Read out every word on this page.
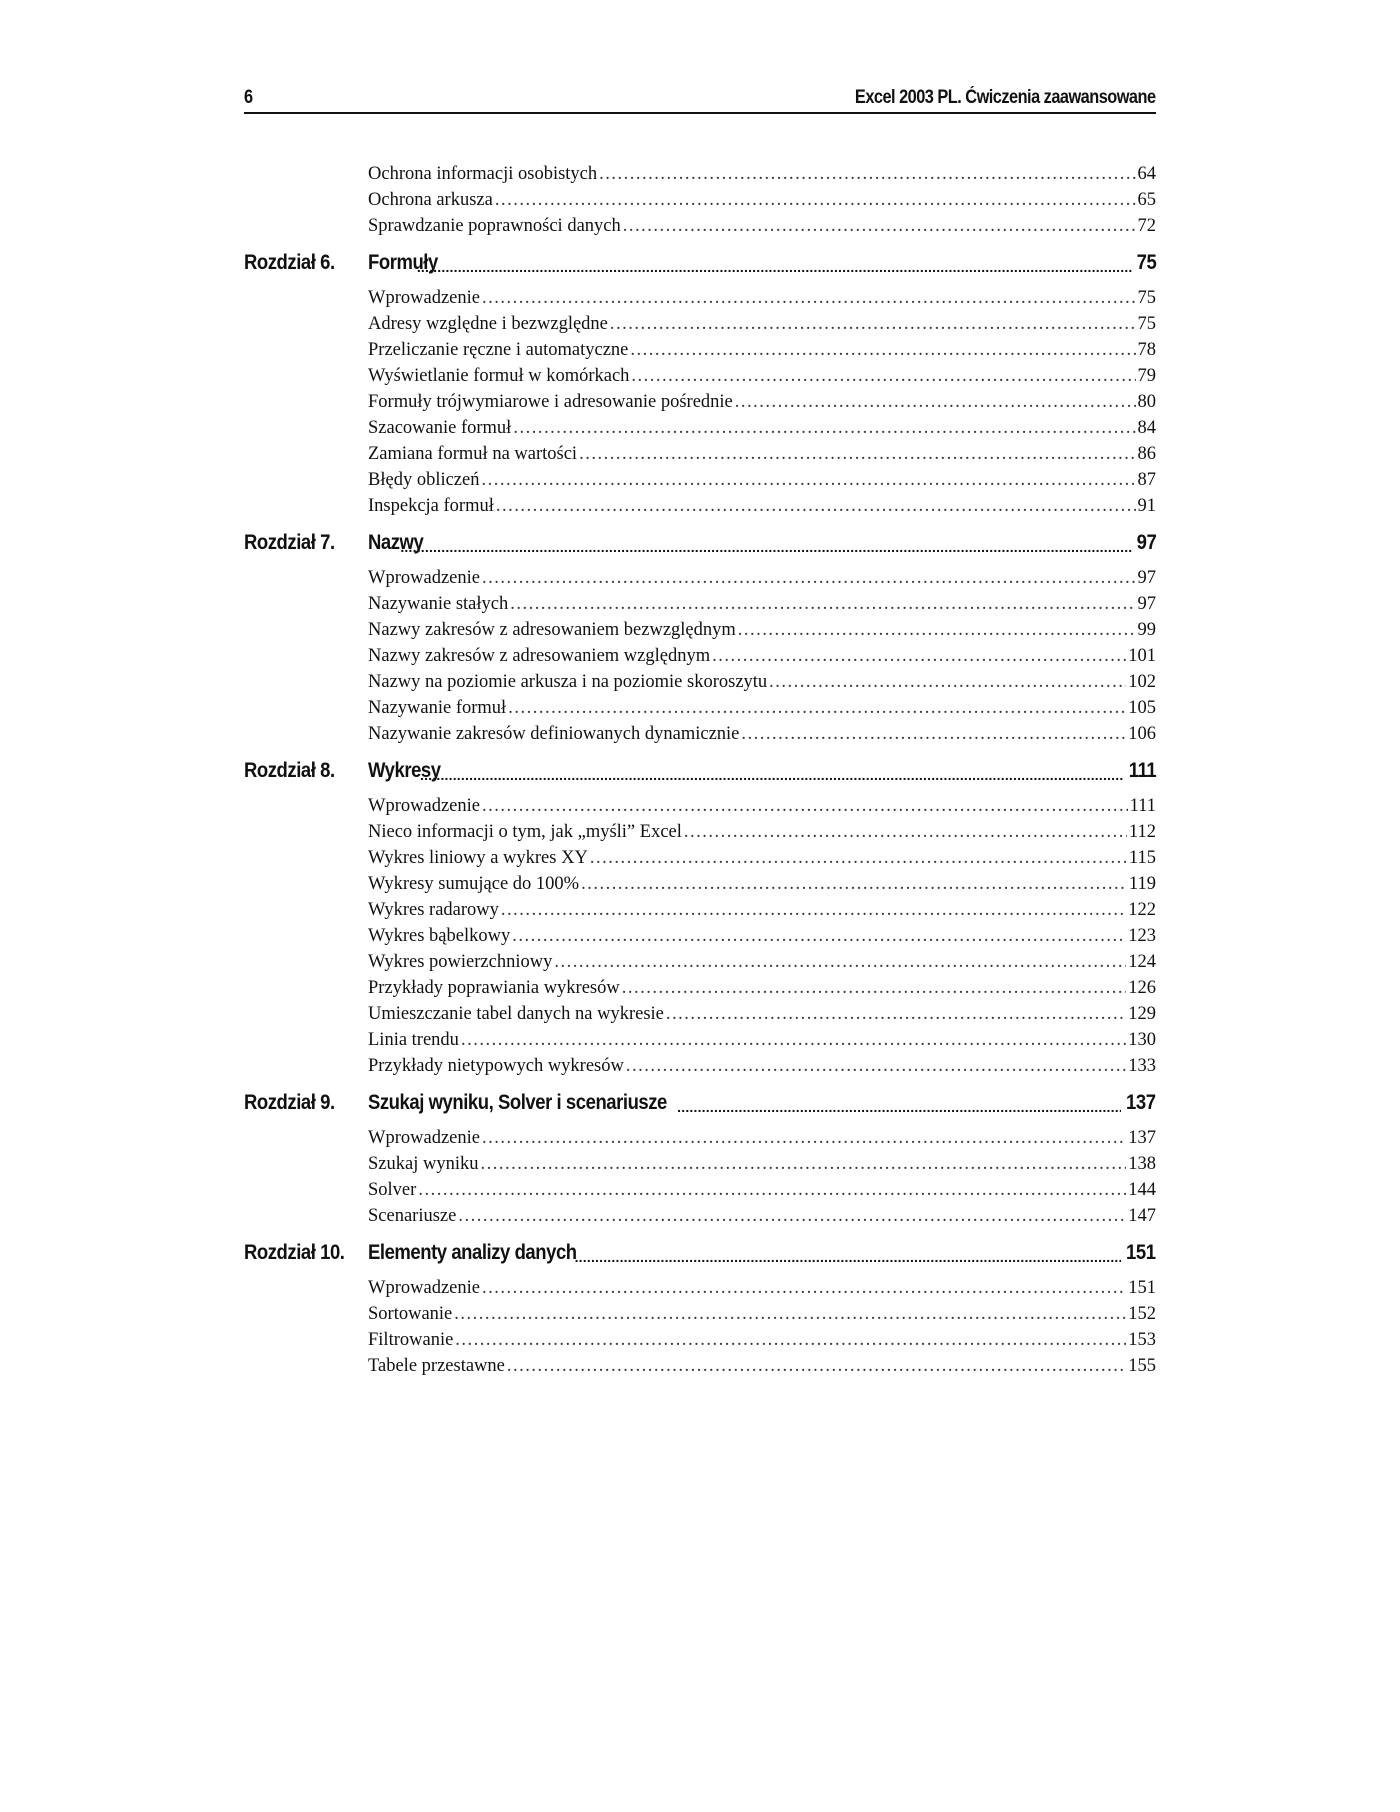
6	Excel 2003 PL. Ćwiczenia zaawansowane
Ochrona informacji osobistych .....	64
Ochrona arkusza .....	65
Sprawdzanie poprawności danych .....	72
Rozdział 6. Formuły .....	75
Wprowadzenie .....	75
Adresy względne i bezwzględne .....	75
Przeliczanie ręczne i automatyczne .....	78
Wyświetlanie formuł w komórkach .....	79
Formuły trójwymiarowe i adresowanie pośrednie .....	80
Szacowanie formuł .....	84
Zamiana formuł na wartości .....	86
Błędy obliczeń .....	87
Inspekcja formuł .....	91
Rozdział 7. Nazwy .....	97
Wprowadzenie .....	97
Nazywanie stałych .....	97
Nazwy zakresów z adresowaniem bezwzględnym .....	99
Nazwy zakresów z adresowaniem względnym .....	101
Nazwy na poziomie arkusza i na poziomie skoroszytu .....	102
Nazywanie formuł .....	105
Nazywanie zakresów definiowanych dynamicznie .....	106
Rozdział 8. Wykresy .....	111
Wprowadzenie .....	111
Nieco informacji o tym, jak „myśli” Excel .....	112
Wykres liniowy a wykres XY .....	115
Wykresy sumujące do 100% .....	119
Wykres radarowy .....	122
Wykres bąbelkowy .....	123
Wykres powierzchniowy .....	124
Przykłady poprawiania wykresów .....	126
Umieszczanie tabel danych na wykresie .....	129
Linia trendu .....	130
Przykłady nietypowych wykresów .....	133
Rozdział 9. Szukaj wyniku, Solver i scenariusze .....	137
Wprowadzenie .....	137
Szukaj wyniku .....	138
Solver .....	144
Scenariusze .....	147
Rozdział 10. Elementy analizy danych .....	151
Wprowadzenie .....	151
Sortowanie .....	152
Filtrowanie .....	153
Tabele przestawne .....	155
